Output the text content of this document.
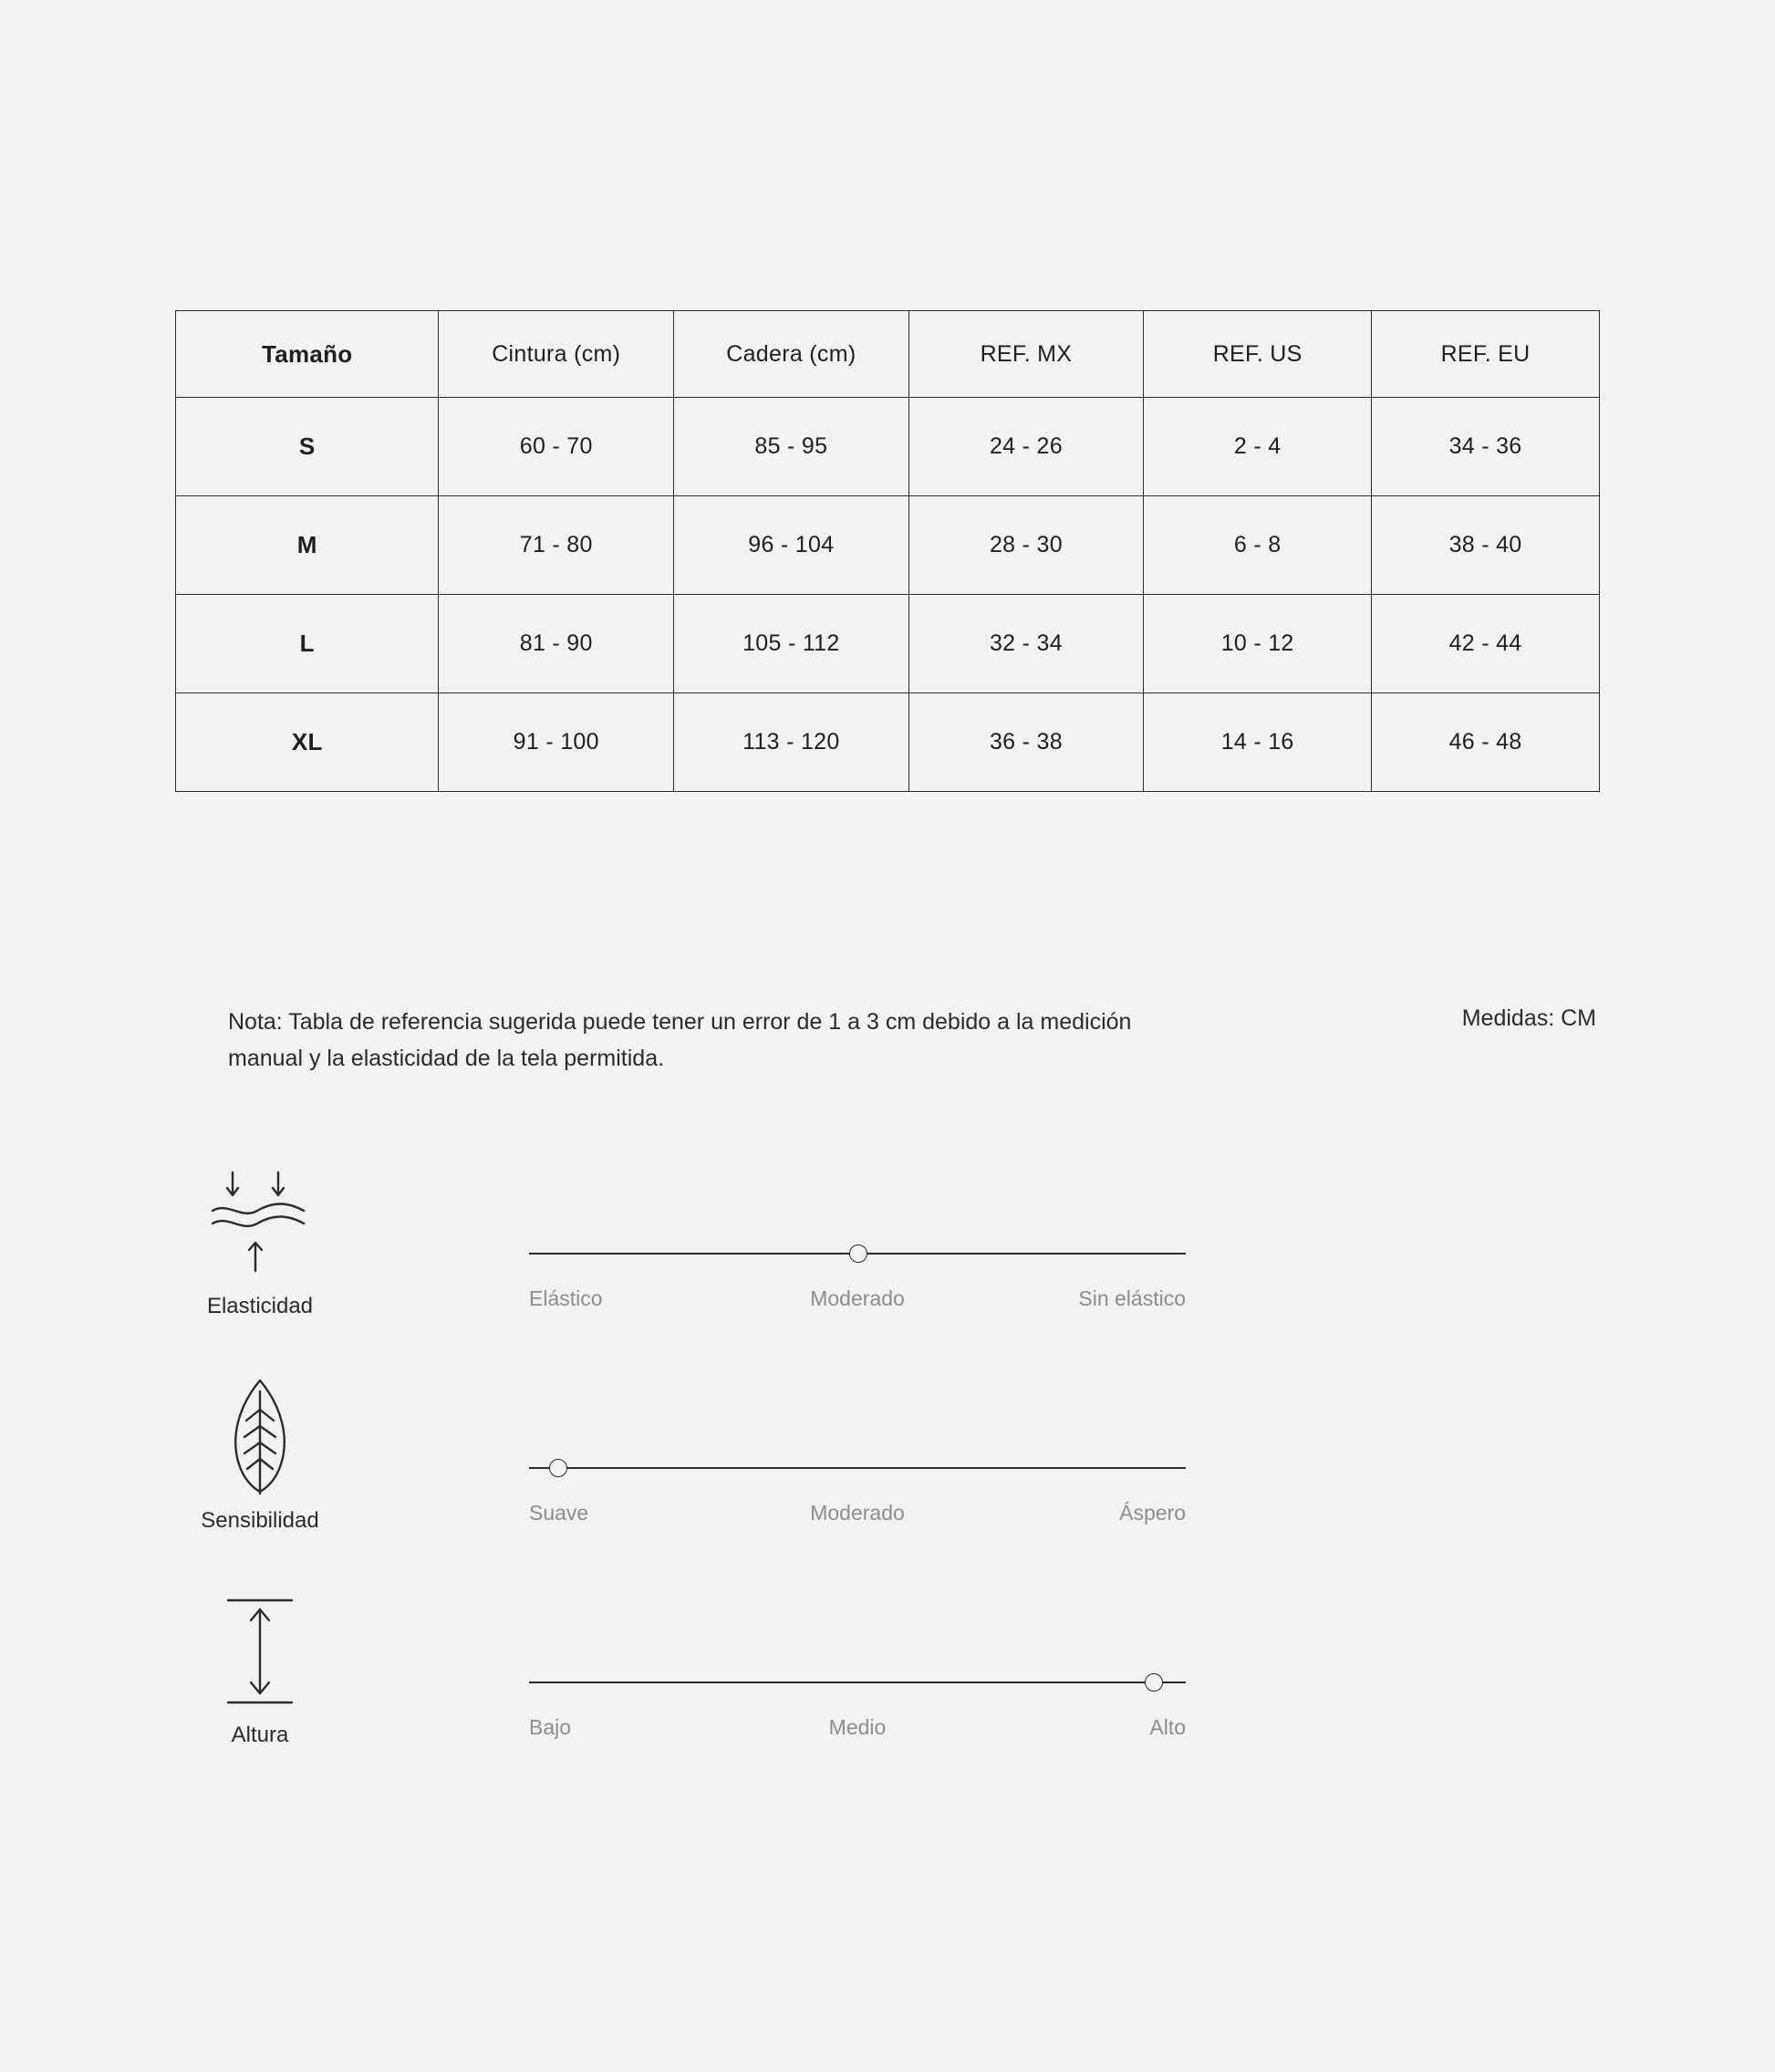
Tamaño	Cintura (cm)	Cadera (cm)	REF. MX	REF. US	REF. EU
S	60 - 70	85 - 95	24 - 26	2 - 4	34 - 36
M	71 - 80	96 - 104	28 - 30	6 - 8	38 - 40
L	81 - 90	105 - 112	32 - 34	10 - 12	42 - 44
XL	91 - 100	113 - 120	36 - 38	14 - 16	46 - 48
Nota: Tabla de referencia sugerida puede tener un error de 1 a 3 cm debido a la medición manual y la elasticidad de la tela permitida.
Medidas: CM
Elasticidad	Elástico	Moderado	Sin elástico
Sensibilidad	Suave	Moderado	Áspero
Altura	Bajo	Medio	Alto
